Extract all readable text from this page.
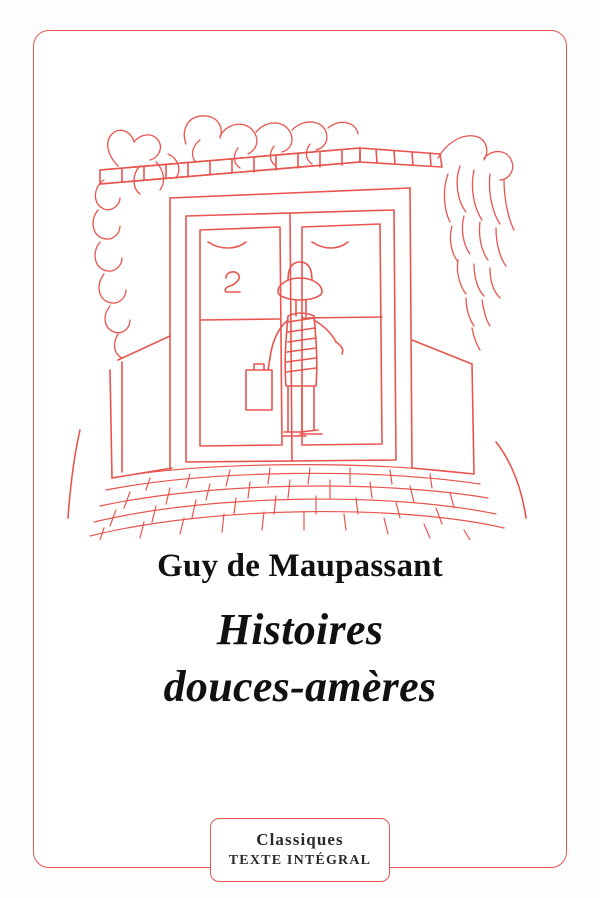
Guy de Maupassant
Histoires
douces-amères
Classiques
TEXTE INTÉGRAL
